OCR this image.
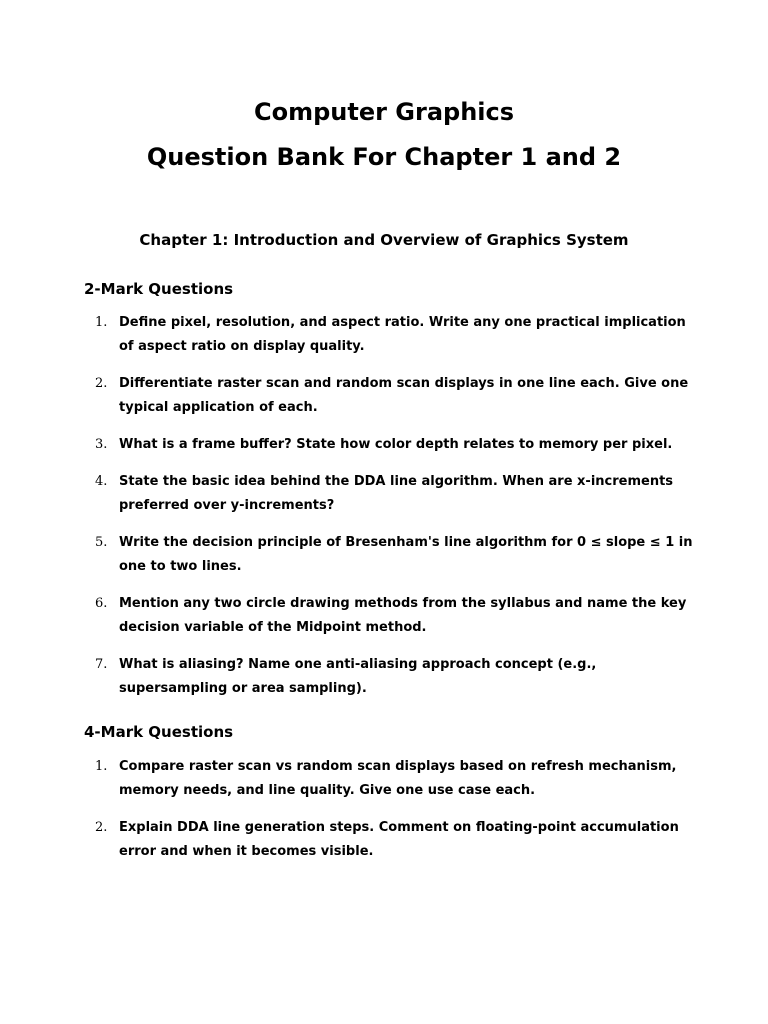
Computer Graphics
Question Bank For Chapter 1 and 2
Chapter 1: Introduction and Overview of Graphics System
2-Mark Questions
1. Define pixel, resolution, and aspect ratio. Write any one practical implication of aspect ratio on display quality.
2. Differentiate raster scan and random scan displays in one line each. Give one typical application of each.
3. What is a frame buffer? State how color depth relates to memory per pixel.
4. State the basic idea behind the DDA line algorithm. When are x-increments preferred over y-increments?
5. Write the decision principle of Bresenham's line algorithm for 0 ≤ slope ≤ 1 in one to two lines.
6. Mention any two circle drawing methods from the syllabus and name the key decision variable of the Midpoint method.
7. What is aliasing? Name one anti-aliasing approach concept (e.g., supersampling or area sampling).
4-Mark Questions
1. Compare raster scan vs random scan displays based on refresh mechanism, memory needs, and line quality. Give one use case each.
2. Explain DDA line generation steps. Comment on floating-point accumulation error and when it becomes visible.
